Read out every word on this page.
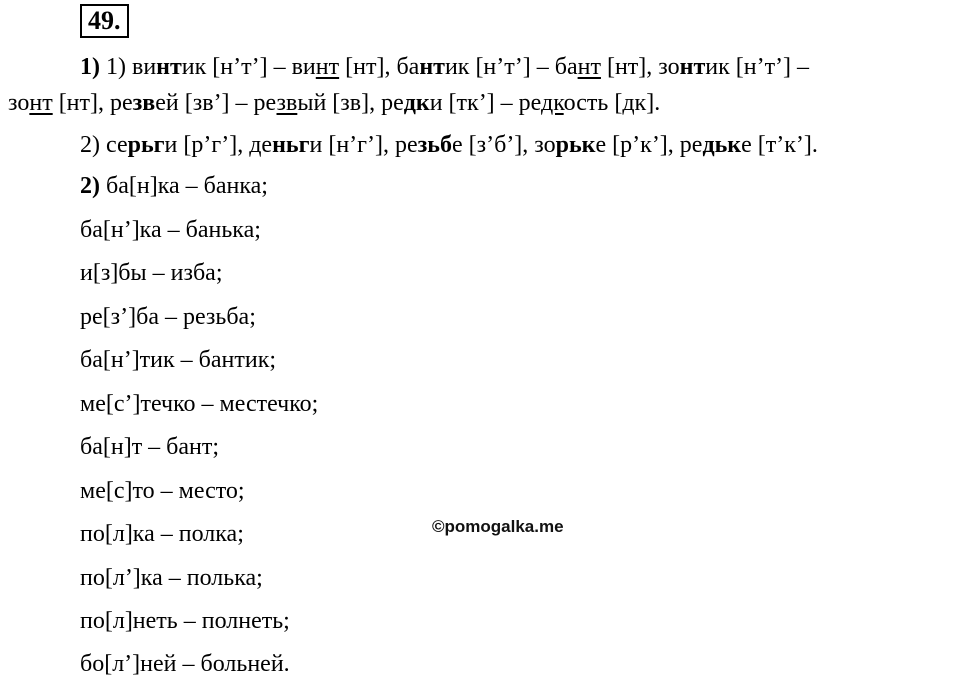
49.
1) 1) винтик [н’т’] – винт [нт], бантик [н’т’] – бант [нт], зонтик [н’т’] –
зонт [нт], резвей [зв’] – резвый [зв], редки [тк’] – редкость [дк].
2) серьги [р’г’], деньги [н’г’], резьбе [з’б’], зорьке [р’к’], редьке [т’к’].
2) ба[н]ка – банка;
ба[н’]ка – банька;
и[з]бы – изба;
ре[з’]ба – резьба;
ба[н’]тик – бантик;
ме[с’]течко – местечко;
ба[н]т – бант;
ме[с]то – место;
по[л]ка – полка;
по[л’]ка – полька;
по[л]неть – полнеть;
бо[л’]ней – больней.
©pomogalka.me
